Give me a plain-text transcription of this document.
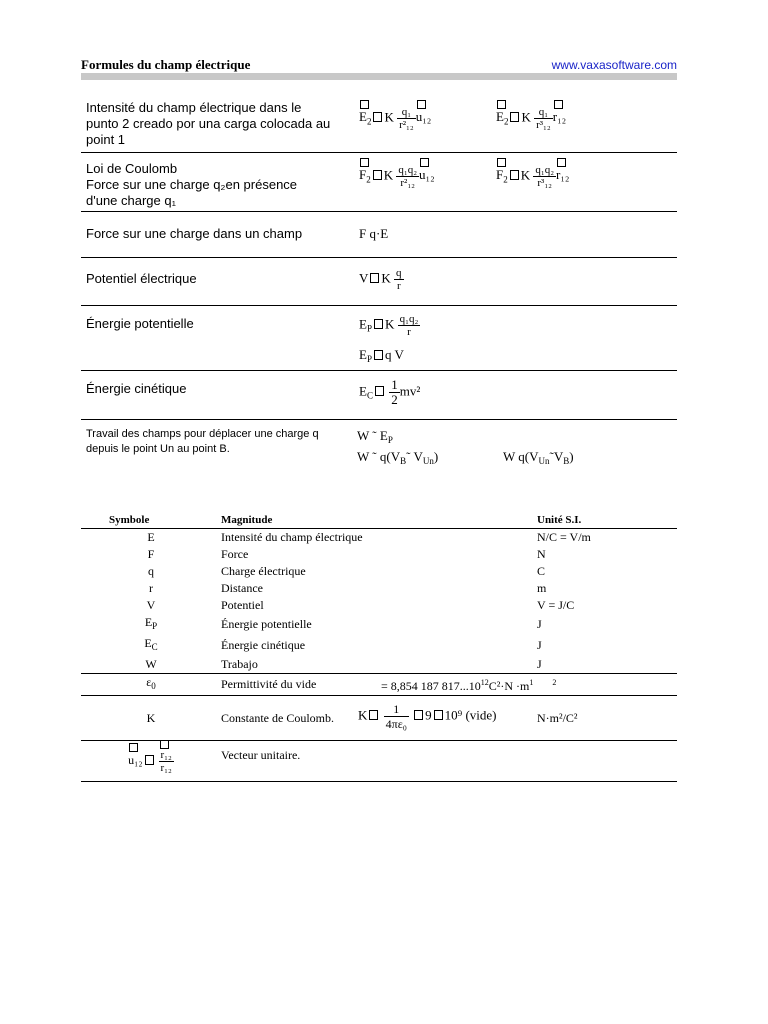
Formules du champ électrique	www.vaxasoftware.com
Intensité du champ électrique dans le punto 2 creado por una carga colocada au point 1
$E_2$ K $\frac{\text{q₁}}{\text{r²₁₂}} u_{12}$	$E_2$ K $\frac{\text{q₁}}{\text{r³₁₂}} r_{12}$
Loi de Coulomb
Force sur une charge q₂en présence
d'une charge q₁
$F_2$ K $\frac{\text{q₁q₂}}{\text{r²₁₂}} u_{12}$	$F_2$ K $\frac{\text{q₁q₂}}{\text{r³₁₂}} r_{12}$
Force sur une charge dans un champ	F q·E
Potentiel électrique	V K $\frac{q}{r}$
Énergie potentielle	$E_P$ K $\frac{\text{q₁q₂}}{r}$
$E_P$ q V
Énergie cinétique	$E_C \frac{1}{2} mv^2$
Travail des champs pour déplacer une charge q
depuis le point Un au point B.
W ˜ $E_P$
W ˜ $q(V_B˜$ $V_{Un}$)	W $q(V_{Un}˜V_B)$
Symbole	Magnitude	Unité S.I.
E	Intensité du champ électrique	N/C = V/m
F	Force	N
q	Charge électrique	C
r	Distance	m
V	Potentiel	V = J/C
$E_P$	Énergie potentielle	J
$E_C$	Énergie cinétique	J
W	Trabajo	J
$\varepsilon_0$	Permittivité du vide = 8,854 187 $817...10^{12}C^2\cdot N \cdot m^1$ $^2$

K	Constante de Coulomb. K $\frac{1}{\text{4πε₀}} 9$ 10⁹ (vide)	N·m²/C²
$u_{12} \frac{\text{r₁₂}}{\text{r₁₂}}$	Vecteur unitaire.	
